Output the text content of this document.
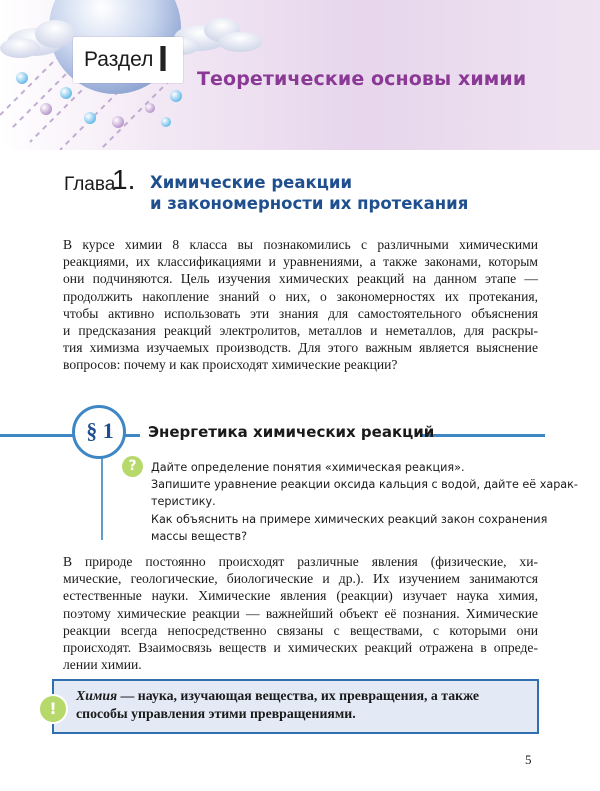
Раздел I Теоретические основы химии
Глава
1. Химические реакции
и закономерности их протекания
В курсе химии 8 класса вы познакомились с различными химическими
реакциями, их классификациями и уравнениями, а также законами, которым
они подчиняются. Цель изучения химических реакций на данном этапе —
продолжить накопление знаний о них, о закономерностях их протекания,
чтобы активно использовать эти знания для самостоятельного объяснения
и предсказания реакций электролитов, металлов и неметаллов, для раскры-
тия химизма изучаемых производств. Для этого важным является выяснение
вопросов: почему и как происходят химические реакции?
§ 1	Энергетика химических реакций
?	Дайте определение понятия «химическая реакция».
Запишите уравнение реакции оксида кальция с водой, дайте её харак-
теристику.
Как объяснить на примере химических реакций закон сохранения
массы веществ?
В природе постоянно происходят различные явления (физические, хи-
мические, геологические, биологические и др.). Их изучением занимаются
естественные науки. Химические явления (реакции) изучает наука химия,
поэтому химические реакции — важнейший объект её познания. Химические
реакции всегда непосредственно связаны с веществами, с которыми они
происходят. Взаимосвязь веществ и химических реакций отражена в опреде-
лении химии.
!
Химия — наука, изучающая вещества, их превращения, а также
способы управления этими превращениями.
5
